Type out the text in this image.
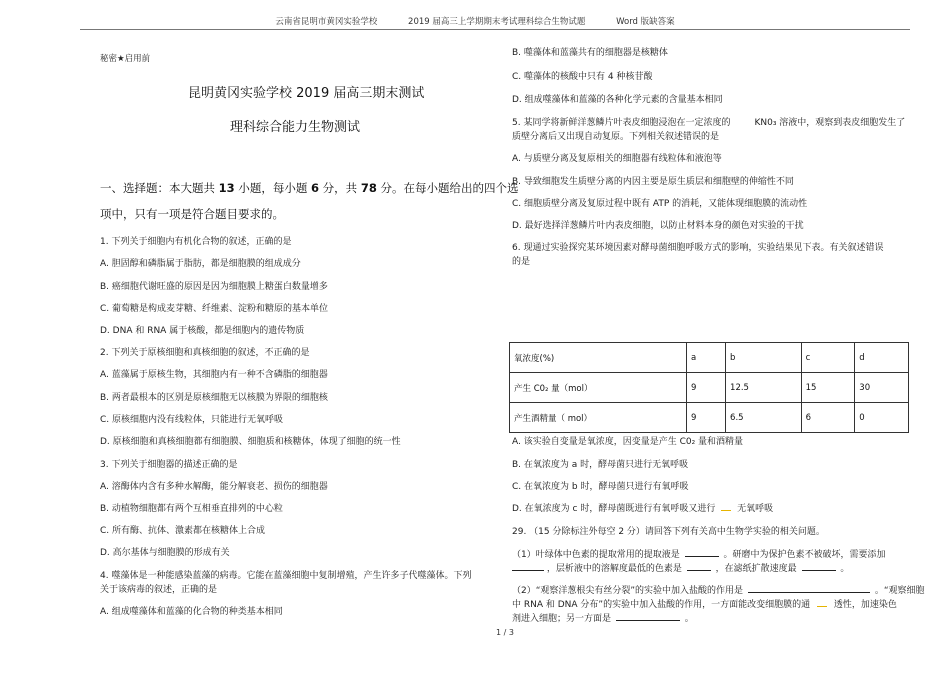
云南省昆明市黄冈实验学校	2019 届高三上学期期末考试理科综合生物试题	Word 版缺答案
秘密★启用前
昆明黄冈实验学校 2019 届高三期末测试
理科综合能力生物测试
一、选择题：本大题共 13 小题，每小题 6 分，共 78 分。在每小题给出的四个选
项中，只有一项是符合题目要求的。
1. 下列关于细胞内有机化合物的叙述，正确的是
A. 胆固醇和磷脂属于脂肪，都是细胞膜的组成成分
B. 癌细胞代谢旺盛的原因是因为细胞膜上糖蛋白数量增多
C. 葡萄糖是构成麦芽糖、纤维素、淀粉和糖原的基本单位
D. DNA 和 RNA 属于核酸，都是细胞内的遗传物质
2. 下列关于原核细胞和真核细胞的叙述，不正确的是
A. 蓝藻属于原核生物，其细胞内有一种不含磷脂的细胞器
B. 两者最根本的区别是原核细胞无以核膜为界限的细胞核
C. 原核细胞内没有线粒体，只能进行无氧呼吸
D. 原核细胞和真核细胞都有细胞膜、细胞质和核糖体，体现了细胞的统一性
3. 下列关于细胞器的描述正确的是
A. 溶酶体内含有多种水解酶，能分解衰老、损伤的细胞器
B. 动植物细胞都有两个互相垂直排列的中心粒
C. 所有酶、抗体、激素都在核糖体上合成
D. 高尔基体与细胞膜的形成有关
4. 噬藻体是一种能感染蓝藻的病毒。它能在蓝藻细胞中复制增殖，产生许多子代噬藻体。下列
关于该病毒的叙述，正确的是
A. 组成噬藻体和蓝藻的化合物的种类基本相同
B. 噬藻体和蓝藻共有的细胞器是核糖体
C. 噬藻体的核酸中只有 4 种核苷酸
D. 组成噬藻体和蓝藻的各种化学元素的含量基本相同
5. 某同学将新鲜洋葱鳞片叶表皮细胞浸泡在一定浓度的	KN0₃ 溶液中，观察到表皮细胞发生了
质壁分离后又出现自动复原。下列相关叙述错误的是
A. 与质壁分离及复原相关的细胞器有线粒体和液泡等
B. 导致细胞发生质壁分离的内因主要是原生质层和细胞壁的伸缩性不同
C. 细胞质壁分离及复原过程中既有 ATP 的消耗，又能体现细胞膜的流动性
D. 最好选择洋葱鳞片叶内表皮细胞，以防止材料本身的颜色对实验的干扰
6. 现通过实验探究某环境因素对酵母菌细胞呼吸方式的影响，实验结果见下表。有关叙述错误
的是
氧浓度(%)	a	b	c	d
产生 C0₂ 量（mol）	9	12.5	15	30
产生酒精量（ mol）	9	6.5	6	0
A. 该实验自变量是氧浓度，因变量是产生 C0₂ 量和酒精量
B. 在氧浓度为 a 时，酵母菌只进行无氧呼吸
C. 在氧浓度为 b 时，酵母菌只进行有氧呼吸
D. 在氧浓度为 c 时，酵母菌既进行有氧呼吸又进行 无氧呼吸
29. （15 分除标注外每空 2 分）请回答下列有关高中生物学实验的相关问题。
（1）叶绿体中色素的提取常用的提取液是	。研磨中为保护色素不被破坏，需要添加
，层析液中的溶解度最低的色素是	，在滤纸扩散速度最	。
（2）“观察洋葱根尖有丝分裂”的实验中加入盐酸的作用是	。“观察细胞
中 RNA 和 DNA 分布”的实验中加入盐酸的作用，一方面能改变细胞膜的通	透性，加速染色
剂进入细胞；另一方面是	。
1 / 3
